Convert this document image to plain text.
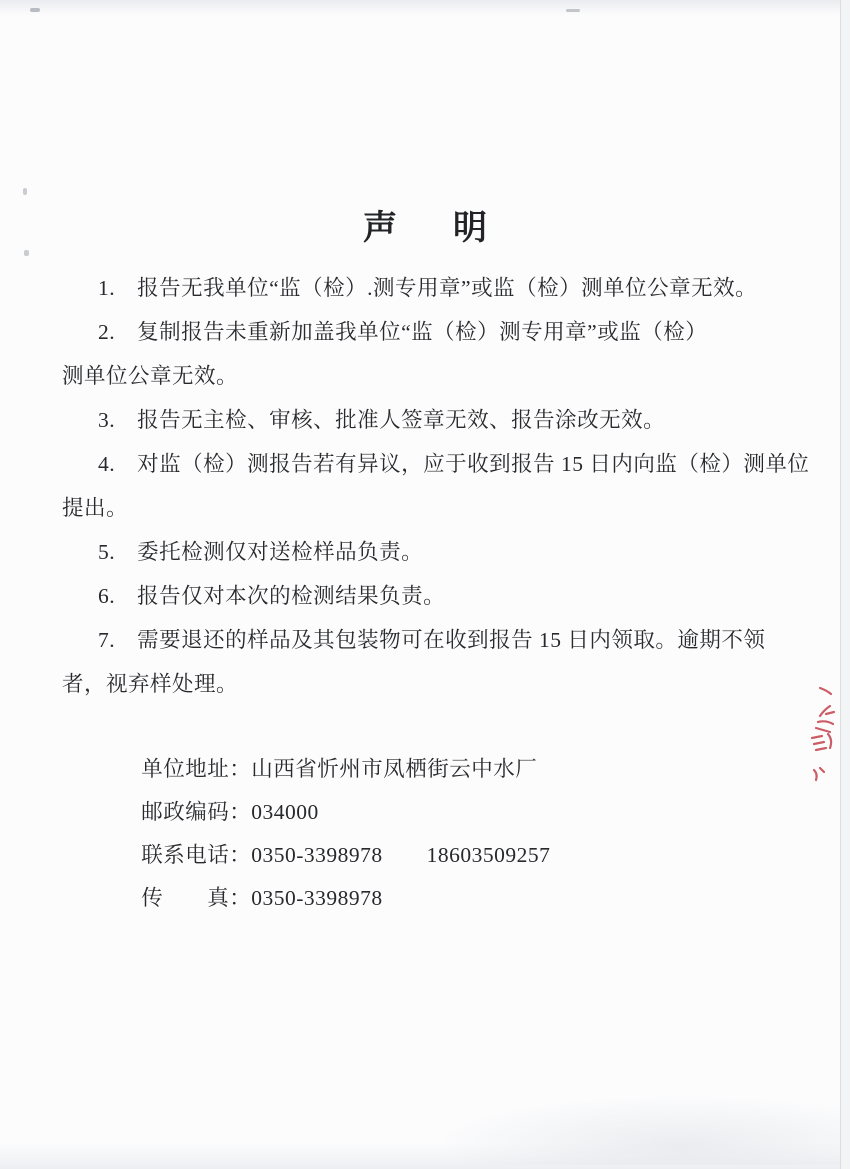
声　明
1.　报告无我单位“监（检）.测专用章”或监（检）测单位公章无效。
2.　复制报告未重新加盖我单位“监（检）测专用章”或监（检）
测单位公章无效。
3.　报告无主检、审核、批准人签章无效、报告涂改无效。
4.　对监（检）测报告若有异议，应于收到报告 15 日内向监（检）测单位
提出。
5.　委托检测仅对送检样品负责。
6.　报告仅对本次的检测结果负责。
7.　需要退还的样品及其包装物可在收到报告 15 日内领取。逾期不领
者，视弃样处理。

单位地址：山西省忻州市凤栖街云中水厂

邮政编码：034000

联系电话：0350-3398978　　18603509257

传　　真：0350-3398978
